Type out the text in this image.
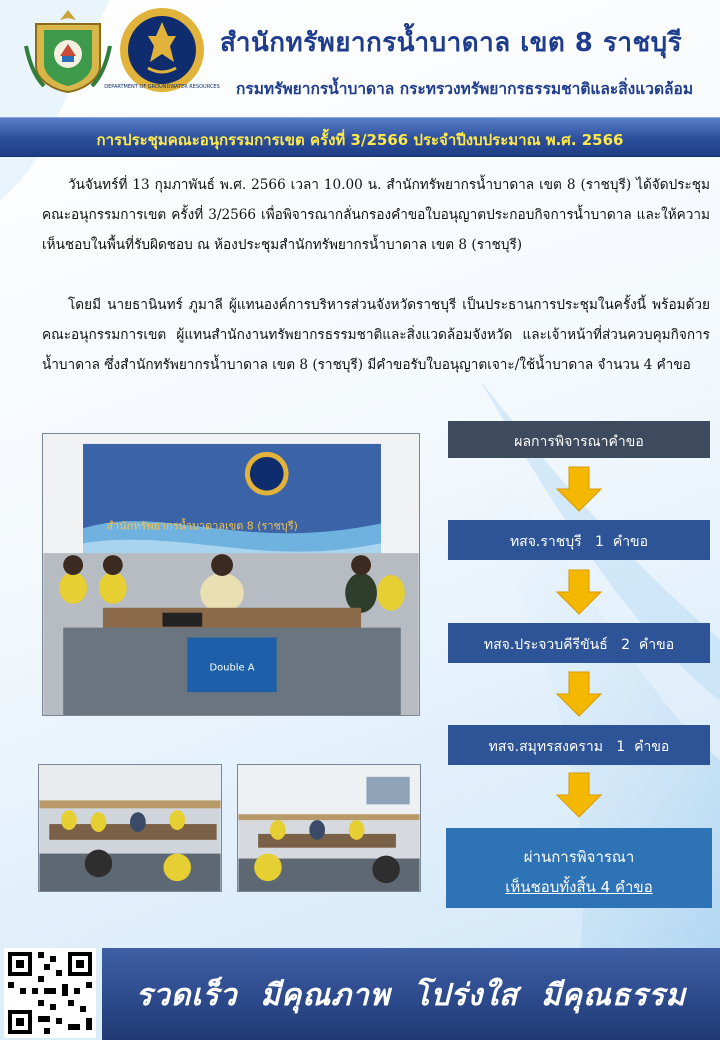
DEPARTMENT OF GROUNDWATER RESOURCES
สำนักทรัพยากรน้ำบาดาล เขต 8 ราชบุรี
กรมทรัพยากรน้ำบาดาล กระทรวงทรัพยากรธรรมชาติและสิ่งแวดล้อม
การประชุมคณะอนุกรรมการเขต ครั้งที่ 3/2566 ประจำปีงบประมาณ พ.ศ. 2566

วันจันทร์ที่ 13 กุมภาพันธ์ พ.ศ. 2566 เวลา 10.00 น. สำนักทรัพยากรน้ำบาดาล เขต 8 (ราชบุรี) ได้จัดประชุมคณะอนุกรรมการเขต ครั้งที่ 3/2566 เพื่อพิจารณากลั่นกรองคำขอใบอนุญาตประกอบกิจการน้ำบาดาล และให้ความเห็นชอบในพื้นที่รับผิดชอบ ณ ห้องประชุมสำนักทรัพยากรน้ำบาดาล เขต 8 (ราชบุรี)

โดยมี นายธานินทร์ ภูมาลี ผู้แทนองค์การบริหารส่วนจังหวัดราชบุรี เป็นประธานการประชุมในครั้งนี้ พร้อมด้วยคณะอนุกรรมการเขต ผู้แทนสำนักงานทรัพยากรธรรมชาติและสิ่งแวดล้อมจังหวัด และเจ้าหน้าที่ส่วนควบคุมกิจการน้ำบาดาล ซึ่งสำนักทรัพยากรน้ำบาดาล เขต 8 (ราชบุรี) มีคำขอรับใบอนุญาตเจาะ/ใช้น้ำบาดาล จำนวน 4 คำขอ

สำนักทรัพยากรน้ำบาดาลเขต 8 (ราชบุรี)
Double A
ผลการพิจารณาคำขอ
ทสจ.ราชบุรี   1  คำขอ
ทสจ.ประจวบคีรีขันธ์   2  คำขอ
ทสจ.สมุทรสงคราม   1  คำขอ
ผ่านการพิจารณา
เห็นชอบทั้งสิ้น 4 คำขอ
รวดเร็ว  มีคุณภาพ  โปร่งใส  มีคุณธรรม
